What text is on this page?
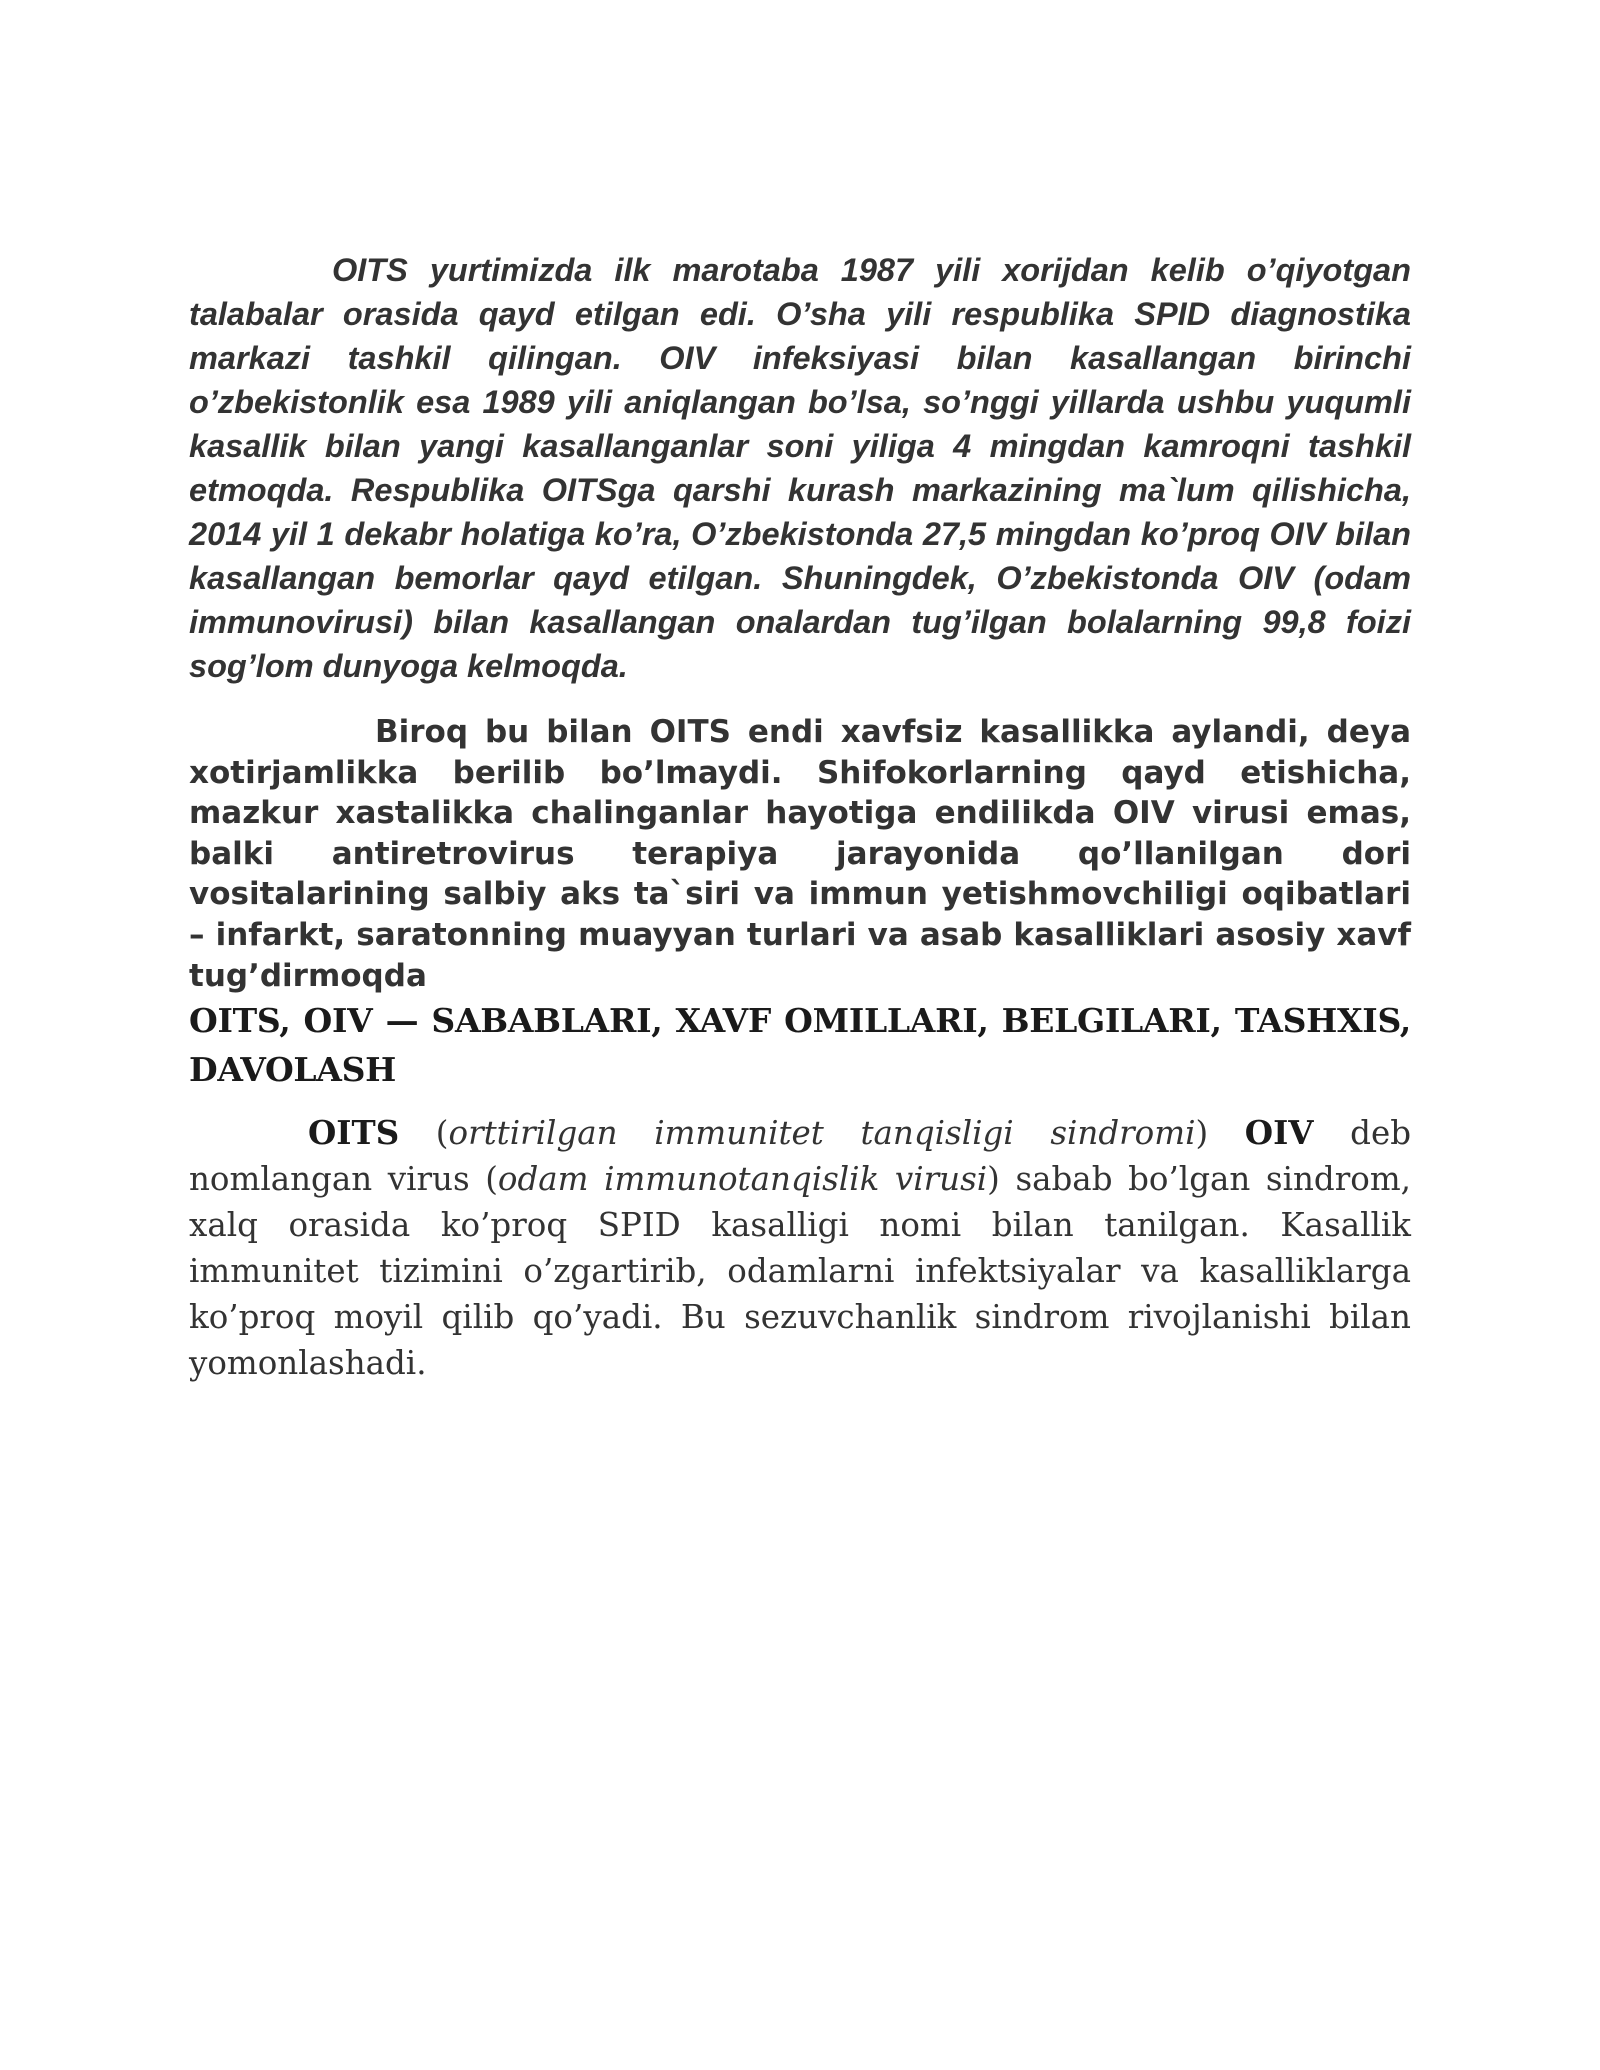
OITS yurtimizda ilk marotaba 1987 yili xorijdan kelib o’qiyotgan talabalar orasida qayd etilgan edi. O’sha yili respublika SPID diagnostika markazi tashkil qilingan. OIV infeksiyasi bilan kasallangan birinchi o’zbekistonlik esa 1989 yili aniqlangan bo’lsa, so’nggi yillarda ushbu yuqumli kasallik bilan yangi kasallanganlar soni yiliga 4 mingdan kamroqni tashkil etmoqda. Respublika OITSga qarshi kurash markazining ma`lum qilishicha, 2014 yil 1 dekabr holatiga ko’ra, O’zbekistonda 27,5 mingdan ko’proq OIV bilan kasallangan bemorlar qayd etilgan. Shuningdek, O’zbekistonda OIV (odam immunovirusi) bilan kasallangan onalardan tug’ilgan bolalarning 99,8 foizi sog’lom dunyoga kelmoqda.

Biroq bu bilan OITS endi xavfsiz kasallikka aylandi, deya xotirjamlikka berilib bo’lmaydi. Shifokorlarning qayd etishicha, mazkur xastalikka chalinganlar hayotiga endilikda OIV virusi emas, balki antiretrovirus terapiya jarayonida qo’llanilgan dori vositalarining salbiy aks ta`siri va immun yetishmovchiligi oqibatlari – infarkt, saratonning muayyan turlari va asab kasalliklari asosiy xavf tug’dirmoqda

OITS, OIV — SABABLARI, XAVF OMILLARI, BELGILARI, TASHXIS, DAVOLASH

OITS (orttirilgan immunitet tanqisligi sindromi) OIV deb nomlangan virus (odam immunotanqislik virusi) sabab bo’lgan sindrom, xalq orasida ko’proq SPID kasalligi nomi bilan tanilgan. Kasallik immunitet tizimini o’zgartirib, odamlarni infektsiyalar va kasalliklarga ko’proq moyil qilib qo’yadi. Bu sezuvchanlik sindrom rivojlanishi bilan yomonlashadi.
